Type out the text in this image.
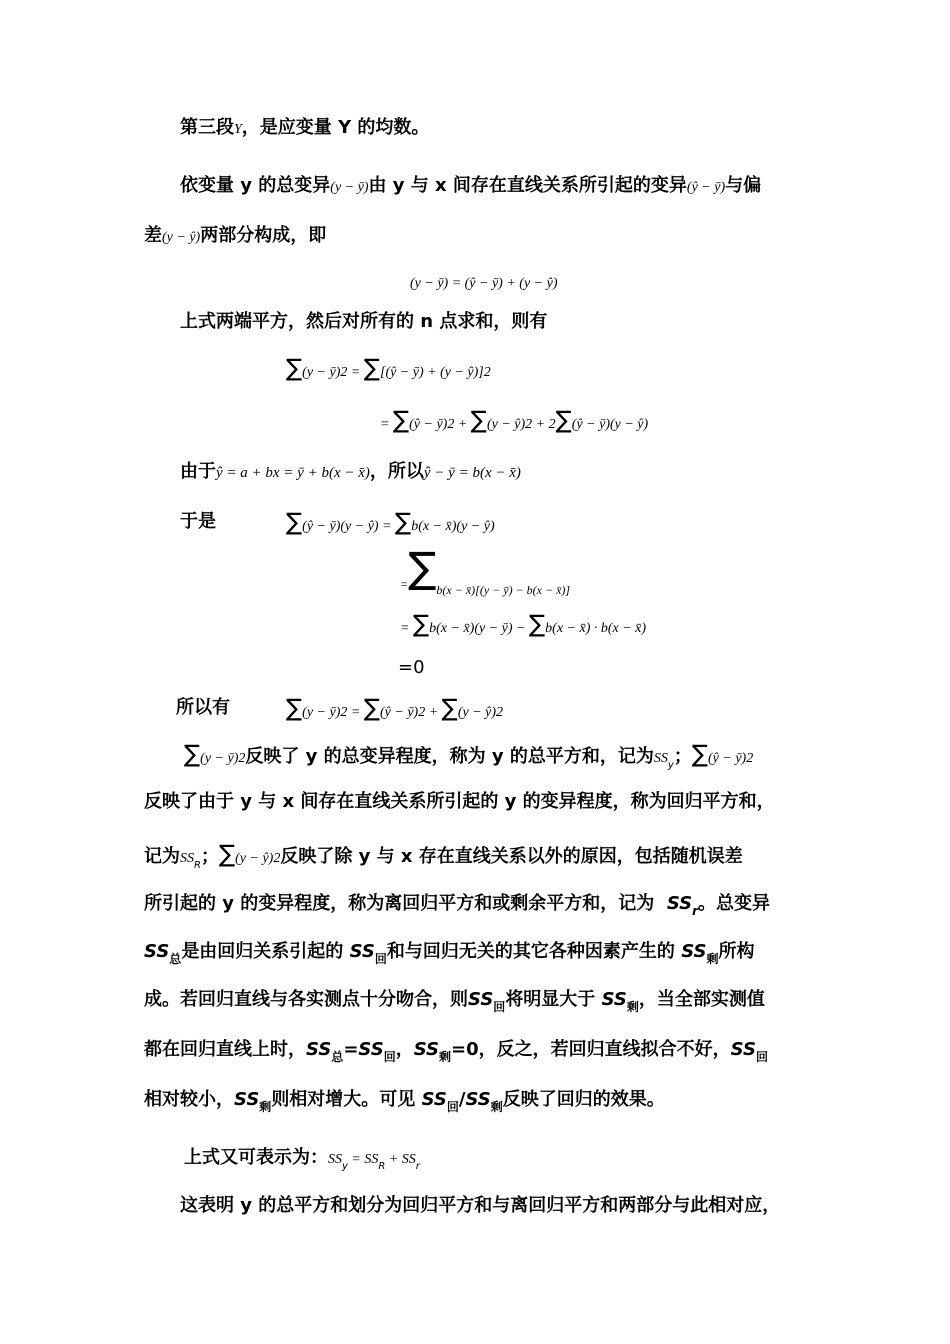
第三段Y，是应变量 Y 的均数。
依变量 y 的总变异(y − ȳ)由 y 与 x 间存在直线关系所引起的变异(ŷ − ȳ)与偏
差(y − ŷ)两部分构成，即
(y − ȳ) = (ŷ − ȳ) + (y − ŷ)
上式两端平方，然后对所有的 n 点求和，则有
∑(y − ȳ)2 = ∑[(ŷ − ȳ) + (y − ŷ)]2
= ∑(ŷ − ȳ)2 + ∑(y − ŷ)2 + 2∑(ŷ − ȳ)(y − ŷ)
由于ŷ = a + bx = ȳ + b(x − x̄)，所以ŷ − ȳ = b(x − x̄)
于是	∑(ŷ − ȳ)(y − ŷ) = ∑b(x − x̄)(y − ŷ)
=∑b(x − x̄)[(y − ȳ) − b(x − x̄)]
= ∑b(x − x̄)(y − ȳ) − ∑b(x − x̄) · b(x − x̄)
=0
所以有 ∑(y − ȳ)2 = ∑(ŷ − ȳ)2 + ∑(y − ŷ)2
∑(y − ȳ)2反映了 y 的总变异程度，称为 y 的总平方和，记为$SS_y$；∑(ŷ − ȳ)2
反映了由于 y 与 x 间存在直线关系所引起的 y 的变异程度，称为回归平方和，
记为$SS_R$；∑(y − ŷ)2反映了除 y 与 x 存在直线关系以外的原因，包括随机误差
所引起的 y 的变异程度，称为离回归平方和或剩余平方和，记为 $SS_r$。总变异
$SS_总$是由回归关系引起的 $SS_回$和与回归无关的其它各种因素产生的 $SS_剩$所构
成。若回归直线与各实测点十分吻合，则$SS_回$将明显大于 $SS_剩$，当全部实测值
都在回归直线上时，$SS_总=SS_回$，$SS_剩=0$，反之，若回归直线拟合不好，$SS_回$
相对较小，$SS_剩$则相对增大。可见 $SS_回/SS_剩$反映了回归的效果。
上式又可表示为：$SS_y = SS_R + SS_r$
这表明 y 的总平方和划分为回归平方和与离回归平方和两部分与此相对应，
